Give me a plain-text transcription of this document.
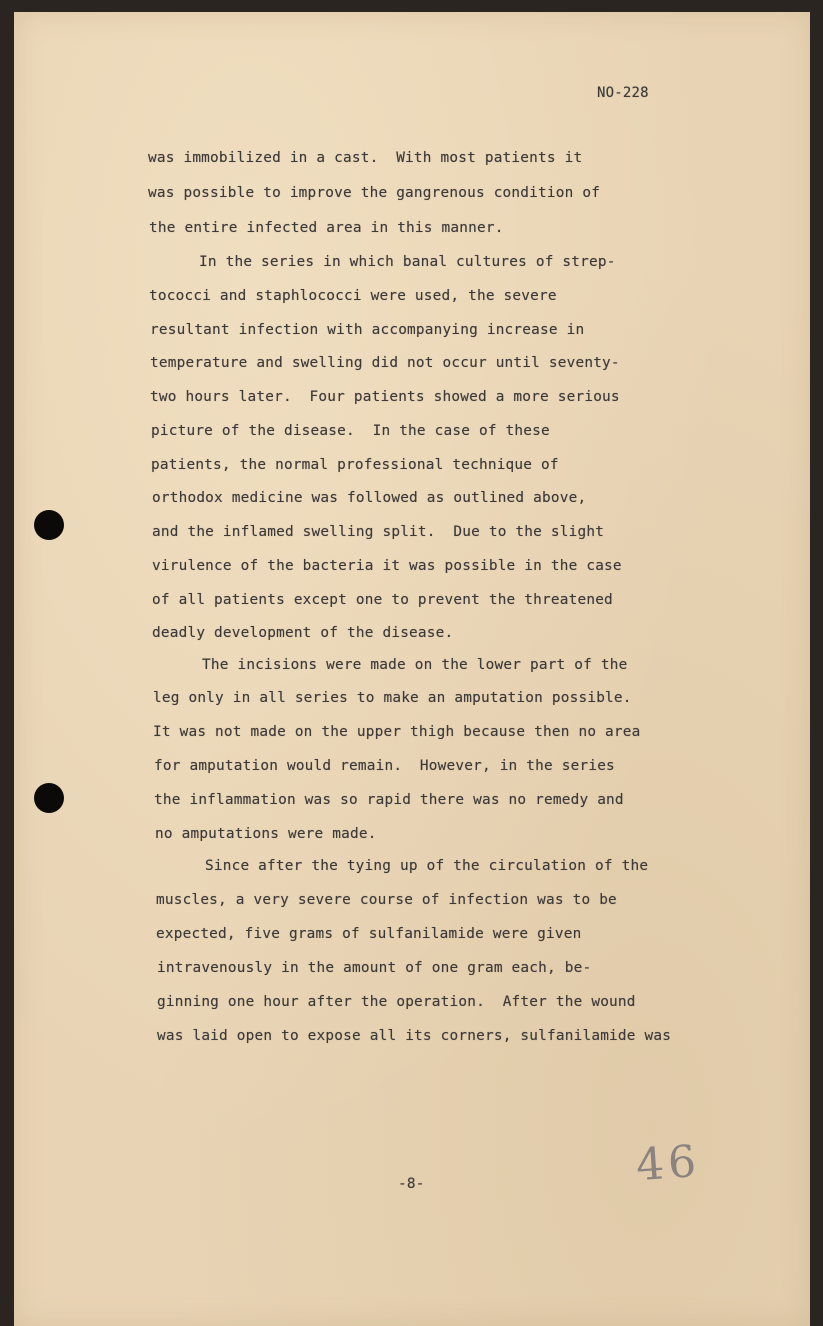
NO-228
was immobilized in a cast.  With most patients it
was possible to improve the gangrenous condition of
the entire infected area in this manner.
In the series in which banal cultures of strep-
tococci and staphlococci were used, the severe
resultant infection with accompanying increase in
temperature and swelling did not occur until seventy-
two hours later.  Four patients showed a more serious
picture of the disease.  In the case of these
patients, the normal professional technique of
orthodox medicine was followed as outlined above,
and the inflamed swelling split.  Due to the slight
virulence of the bacteria it was possible in the case
of all patients except one to prevent the threatened
deadly development of the disease.
The incisions were made on the lower part of the
leg only in all series to make an amputation possible.
It was not made on the upper thigh because then no area
for amputation would remain.  However, in the series
the inflammation was so rapid there was no remedy and
no amputations were made.
Since after the tying up of the circulation of the
muscles, a very severe course of infection was to be
expected, five grams of sulfanilamide were given
intravenously in the amount of one gram each, be-
ginning one hour after the operation.  After the wound
was laid open to expose all its corners, sulfanilamide was
-8-	46
